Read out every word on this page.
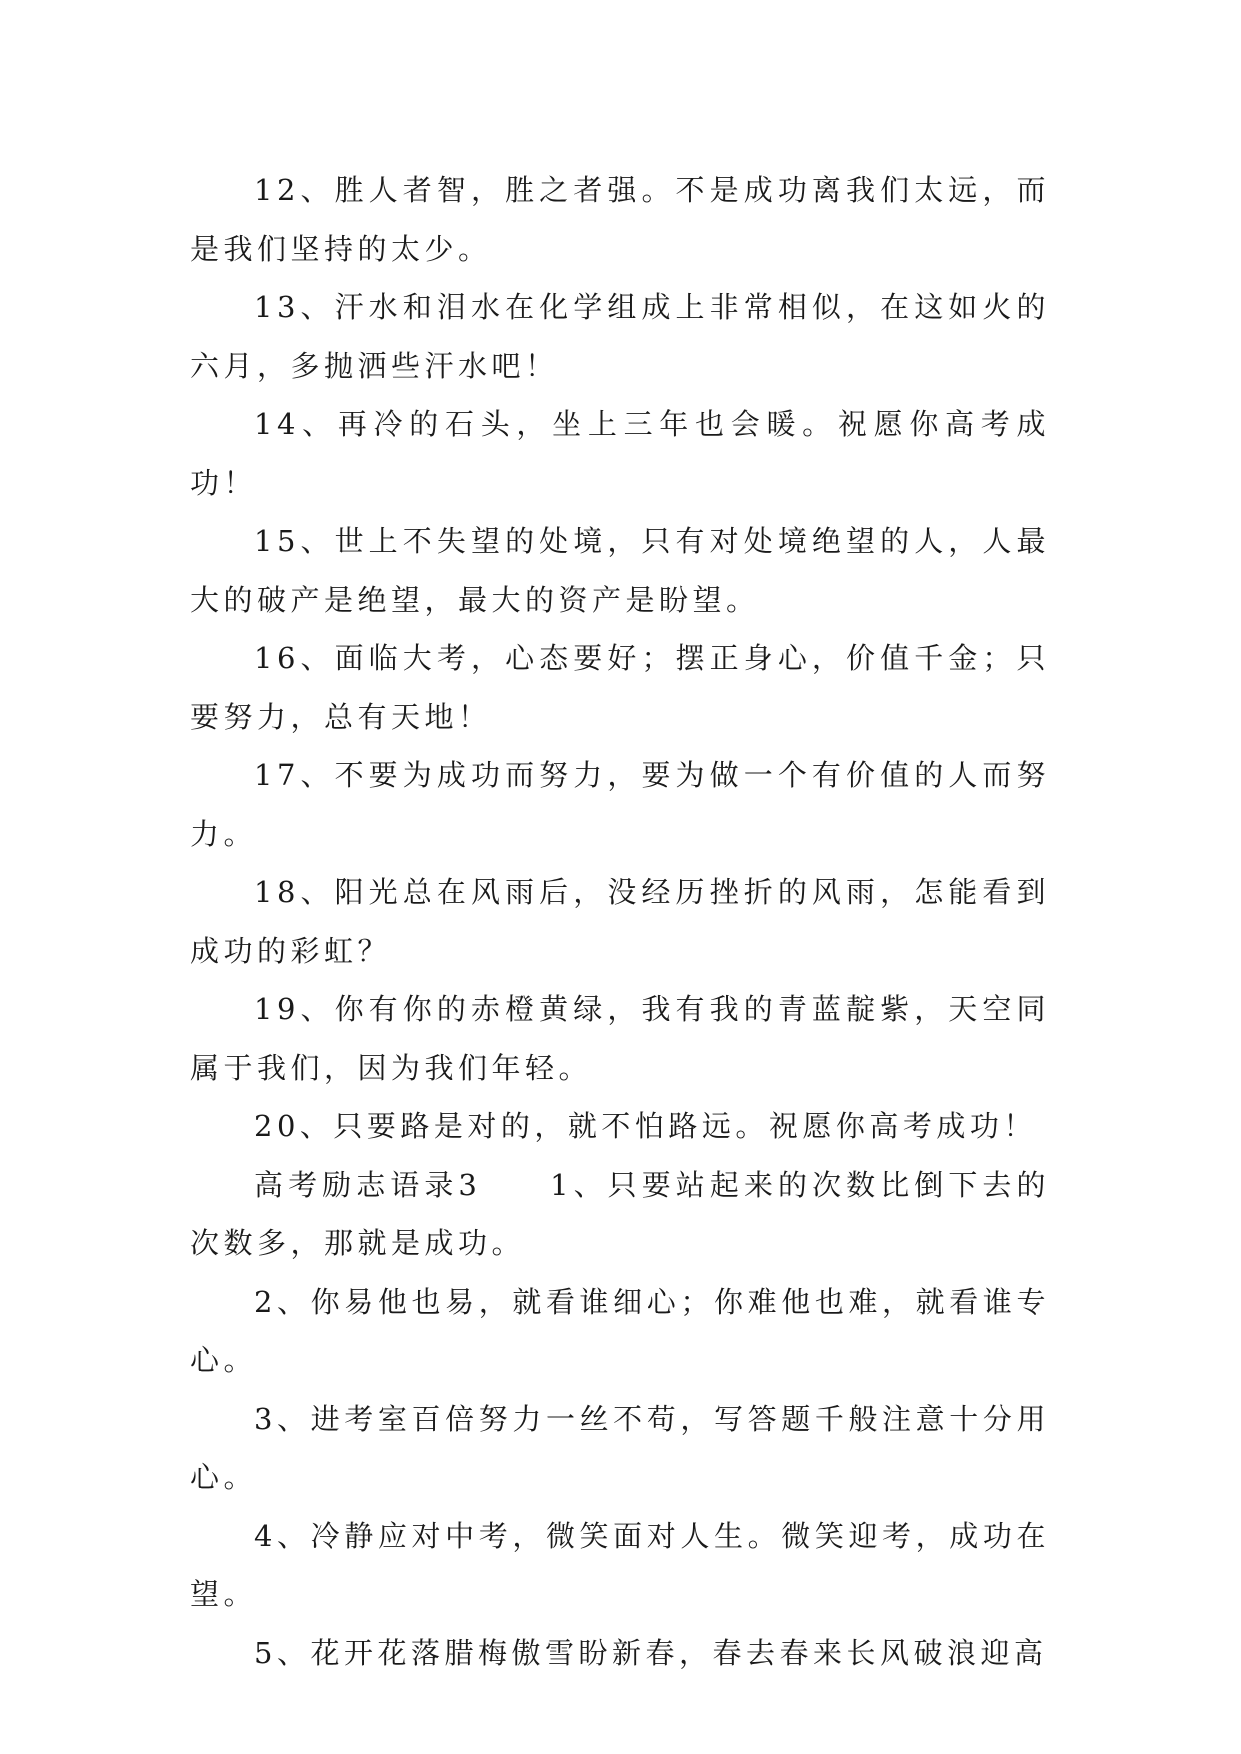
12、胜人者智，胜之者强。不是成功离我们太远，而是我们坚持的太少。

13、汗水和泪水在化学组成上非常相似，在这如火的六月，多抛洒些汗水吧！

14、再冷的石头，坐上三年也会暖。祝愿你高考成功！

15、世上不失望的处境，只有对处境绝望的人，人最大的破产是绝望，最大的资产是盼望。

16、面临大考，心态要好；摆正身心，价值千金；只要努力，总有天地！

17、不要为成功而努力，要为做一个有价值的人而努力。

18、阳光总在风雨后，没经历挫折的风雨，怎能看到成功的彩虹？

19、你有你的赤橙黄绿，我有我的青蓝靛紫，天空同属于我们，因为我们年轻。

20、只要路是对的，就不怕路远。祝愿你高考成功！

高考励志语录3　　1、只要站起来的次数比倒下去的次数多，那就是成功。

2、你易他也易，就看谁细心；你难他也难，就看谁专心。

3、进考室百倍努力一丝不苟，写答题千般注意十分用心。

4、冷静应对中考，微笑面对人生。微笑迎考，成功在望。

5、花开花落腊梅傲雪盼新春，春去春来长风破浪迎高
